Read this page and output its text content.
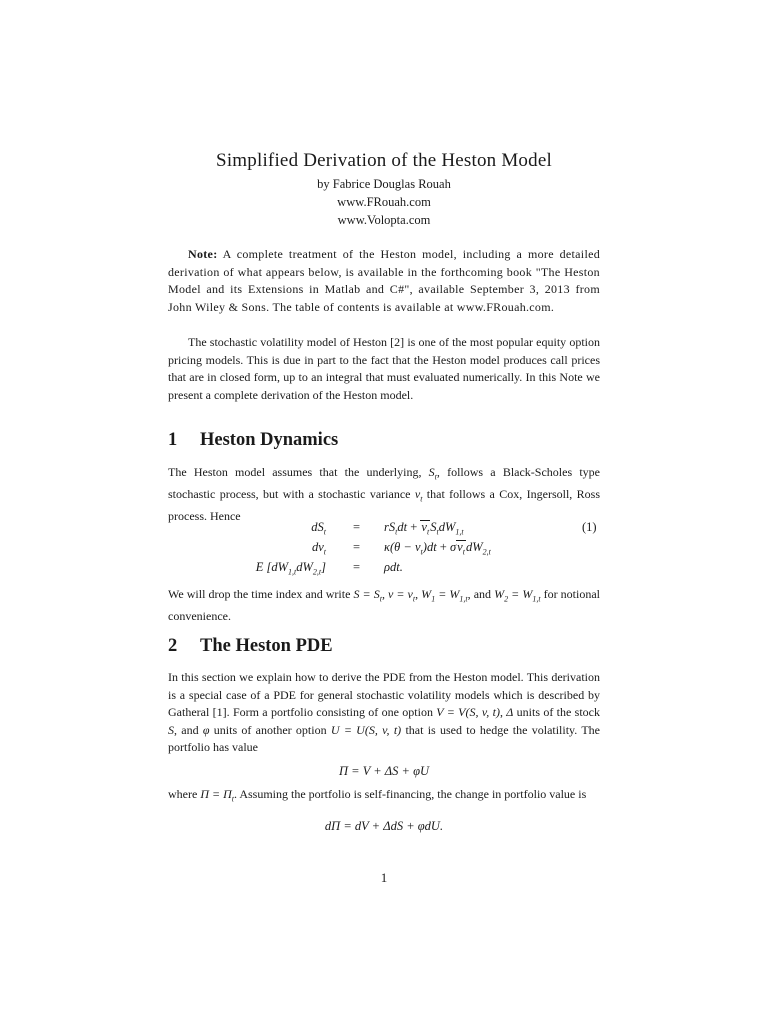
Simplified Derivation of the Heston Model
by Fabrice Douglas Rouah
www.FRouah.com
www.Volopta.com

Note: A complete treatment of the Heston model, including a more detailed derivation of what appears below, is available in the forthcoming book "The Heston Model and its Extensions in Matlab and C#", available September 3, 2013 from John Wiley & Sons. The table of contents is available at www.FRouah.com.

The stochastic volatility model of Heston [2] is one of the most popular equity option pricing models. This is due in part to the fact that the Heston model produces call prices that are in closed form, up to an integral that must evaluated numerically. In this Note we present a complete derivation of the Heston model.

1 Heston Dynamics

The Heston model assumes that the underlying, $S_t$, follows a Black-Scholes type stochastic process, but with a stochastic variance $v_t$ that follows a Cox, Ingersoll, Ross process. Hence

$dS_t = rS_tdt + v_tS_tdW_{1,t}$	(1)
$dv_t = \kappa(\theta - v_t)dt + \sigma v_tdW_{2,t}$
E $[dW_{1,t}dW_{2,t}] = \rho dt$.

We will drop the time index and write $S = S_t$, $v = v_t$, $W_1 = W_{1,t}$, and $W_2 = W_{1,t}$ for notional convenience.

2 The Heston PDE

In this section we explain how to derive the PDE from the Heston model. This derivation is a special case of a PDE for general stochastic volatility models which is described by Gatheral [1]. Form a portfolio consisting of one option V = V(S, v, t), Δ units of the stock S, and φ units of another option U = U(S, v, t) that is used to hedge the volatility. The portfolio has value

Π = V + ΔS + φU

where $\Pi = \Pi_t$. Assuming the portfolio is self-financing, the change in portfolio value is

dΠ = dV + ΔdS + φdU.
1
